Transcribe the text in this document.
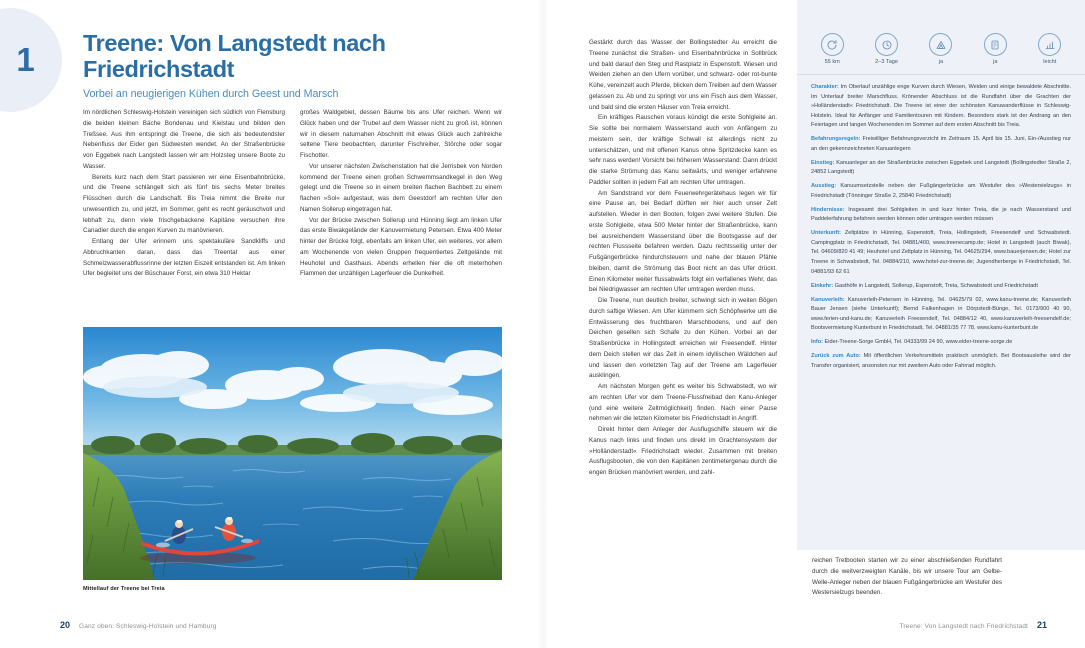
1 Treene: Von Langstedt nach Friedrichstadt

Vorbei an neugierigen Kühen durch Geest und Marsch

Im nördlichen Schleswig-Holstein vereinigen sich südlich von Flensburg die beiden kleinen Bäche Bondenau und Kielstau und bilden den Treßsee. Aus ihm entspringt die Treene, die sich als bedeutendster Nebenfluss der Eider gen Südwesten wendet. An der Straßenbrücke von Eggebek nach Langstedt lassen wir am Holzsteg unsere Boote zu Wasser.

Bereits kurz nach dem Start passieren wir eine Eisenbahnbrücke, und die Treene schlängelt sich als fünf bis sechs Meter breites Flüsschen durch die Landschaft. Bis Treia nimmt die Breite nur unwesentlich zu, und jetzt, im Sommer, geht es recht geräuschvoll und lebhaft zu, denn viele frischgebackene Kapitäne versuchen ihre Canadier durch die engen Kurven zu manövrieren.

Entlang der Ufer erinnern uns spektakuläre Sandkliffs und Abbruchkanten daran, dass das Treental aus einer Schmelzwasserabflussrinne der letzten Eiszeit entstanden ist. Am linken Ufer begleitet uns der Büschauer Forst, ein etwa 310 Hektar

großes Waldgebiet, dessen Bäume bis ans Ufer reichen. Wenn wir Glück haben und der Trubel auf dem Wasser nicht zu groß ist, können wir in diesem naturnahen Abschnitt mit etwas Glück auch zahlreiche seltene Tiere beobachten, darunter Fischreiher, Störche oder sogar Fischotter.

Vor unserer nächsten Zwischenstation hat die Jerrisbek von Norden kommend der Treene einen großen Schwemmsandkegel in den Weg gelegt und die Treene so in einem breiten flachen Bachbett zu einem flachen »Sol« aufgestaut, was dem Geestdorf am rechten Ufer den Namen Sollerup eingetragen hat.

Vor der Brücke zwischen Sollerup und Hünning liegt am linken Ufer das erste Biwakgelände der Kanuvermietung Petersen. Etwa 400 Meter hinter der Brücke folgt, ebenfalls am linken Ufer, ein weiteres, vor allem am Wochenende von vielen Gruppen frequentiertes Zeltgelände mit Heuhotel und Gasthaus. Abends erhellen hier die oft meterhohen Flammen der unzähligen Lagerfeuer die Dunkelheit.

Mittellauf der Treene bei Treia
20 Ganz oben: Schleswig-Holstein und Hamburg

Gestärkt durch das Wasser der Bollingstedter Au erreicht die Treene zunächst die Straßen- und Eisenbahnbrücke in Sollbrück und bald darauf den Steg und Rastplatz in Espenstoft. Wiesen und Weiden ziehen an den Ufern vorüber, und schwarz- oder rot-bunte Kühe, vereinzelt auch Pferde, blicken dem Treiben auf dem Wasser gelassen zu. Ab und zu springt vor uns ein Fisch aus dem Wasser, und bald sind die ersten Häuser von Treia erreicht.

Ein kräftiges Rauschen voraus kündigt die erste Sohlgleite an. Sie sollte bei normalem Wasserstand auch von Anfängern zu meistern sein, der kräftige Schwall ist allerdings nicht zu unterschätzen, und mit offenen Kanus ohne Spritzdecke kann es sehr nass werden! Vorsicht bei höherem Wasserstand: Dann drückt die starke Strömung das Kanu seitwärts, und weniger erfahrene Paddler sollten in jedem Fall am rechten Ufer umtragen.

Am Sandstrand vor dem Feuerwehrgerätehaus legen wir für eine Pause an, bei Bedarf dürften wir hier auch unser Zelt aufstellen. Wieder in den Booten, folgen zwei weitere Stufen. Die erste Sohlgleite, etwa 500 Meter hinter der Straßenbrücke, kann bei ausreichendem Wasserstand über die Bootsgasse auf der rechten Flussseite befahren werden. Dazu rechtsseitig unter der Fußgängerbrücke hindurchsteuern und nahe der blauen Pfähle bleiben, damit die Strömung das Boot nicht an das Ufer drückt. Einen Kilometer weiter flussabwärts folgt ein verfallenes Wehr, das bei Niedrigwasser am rechten Ufer umtragen werden muss.

Die Treene, nun deutlich breiter, schwingt sich in weiten Bögen durch saftige Wiesen. Am Ufer kümmern sich Schöpfwerke um die Entwässerung des fruchtbaren Marschbodens, und auf den Deichen gesellen sich Schafe zu den Kühen. Vorbei an der Straßenbrücke in Hollingstedt erreichen wir Freesendelf. Hinter dem Deich stellen wir das Zelt in einem idyllischen Wäldchen auf und lassen den vorletzten Tag auf der Treene am Lagerfeuer ausklingen.

Am nächsten Morgen geht es weiter bis Schwabstedt, wo wir am rechten Ufer vor dem Treene-Flussfreibad den Kanu-Anleger (und eine weitere Zeltmöglichkeit) finden. Nach einer Pause nehmen wir die letzten Kilometer bis Friedrichstadt in Angriff.

Direkt hinter dem Anleger der Ausflugschiffe steuern wir die Kanus nach links und finden uns direkt im Grachtensystem der »Holländerstadt« Friedrichstadt wieder. Zusammen mit breiten Ausflugsbooten, die von den Kapitänen zentimetergenau durch die engen Brücken manövriert werden, und zahl-

Treene: Von Langstedt nach Friedrichstadt 21
55 km	2–3 Tage	ja	ja	leicht

Charakter: Im Oberlauf unzählige enge Kurven durch Wiesen, Weiden und einige bewaldete Abschnitte. Im Unterlauf breiter Marschfluss. Krönender Abschluss ist die Rundfahrt über die Grachten der »Holländerstadt« Friedrichstadt. Die Treene ist einer der schönsten Kanuwanderflüsse in Schleswig-Holstein. Ideal für Anfänger und Familientouren mit Kindern. Besonders stark ist der Andrang an den Feiertagen und langen Wochenenden im Sommer auf dem ersten Abschnitt bis Treia.

Befahrungsregeln: Freiwilliger Befahrungsverzicht im Zeitraum 15. April bis 15. Juni, Ein-/Ausstieg nur an den gekennzeichneten Kanuanlegern

Einstieg: Kanuanleger an der Straßenbrücke zwischen Eggebek und Langstedt (Bollingstedter Straße 2, 24852 Langstedt)

Ausstieg: Kanuumsetzstelle neben der Fußgängerbrücke am Westufer des »Westersielzugs« in Friedrichstadt (Tönninger Straße 2, 25840 Friedrichstadt)

Hindernisse: Insgesamt drei Sohlgleiten in und kurz hinter Treia, die je nach Wasserstand und Paddelerfahrung befahren werden können oder umtragen werden müssen

Unterkunft: Zeltplätze in Hünning, Espenstoft, Treia, Hollingstedt, Freesendelf und Schwabstedt. Campingplatz in Friedrichstadt, Tel. 04881/400, www.treenecamp.de; Hotel in Langstedt (auch Biwak), Tel. 04609/820 41 49; Heuhotel und Zeltplatz in Hünning, Tel. 04625/294, www.bauerjensen.de; Hotel zur Treene in Schwabstedt, Tel. 04884/210, www.hotel-zur-treene.de; Jugendherberge in Friedrichstadt, Tel. 04881/93 62 61

Einkehr: Gasthöfe in Langstedt, Sollerup, Espenstoft, Treia, Schwabstedt und Friedrichstadt

Kanuverleih: Kanuverleih-Petersen in Hünning, Tel. 04625/79 02, www.kanu-treene.de; Kanuverleih Bauer Jensen (siehe Unterkunft); Bernd Falkenhagen in Dörpstedt-Bünge, Tel. 0173/900 40 90, www.ferien-und-kanu.de; Kanuverleih Freesendelf, Tel. 04884/12 40, www.kanuverleih-freesendelf.de; Bootsvermietung Kunterbunt in Friedrichstadt, Tel. 04881/35 77 78, www.kanu-kunterbunt.de

Info: Eider-Treene-Sorge GmbH, Tel. 04333/99 24 90, www.eider-treene-sorge.de

Zurück zum Auto: Mit öffentlichen Verkehrsmitteln praktisch unmöglich. Bei Bootsausleihe wird der Transfer organisiert, ansonsten nur mit zweitem Auto oder Fahrrad möglich.

reichen Tretbooten starten wir zu einer abschließenden Rundfahrt durch die weitverzweigten Kanäle, bis wir unsere Tour am Gelbe-Welle-Anleger neben der blauen Fußgängerbrücke am Westufer des Westersielzugs beenden.
